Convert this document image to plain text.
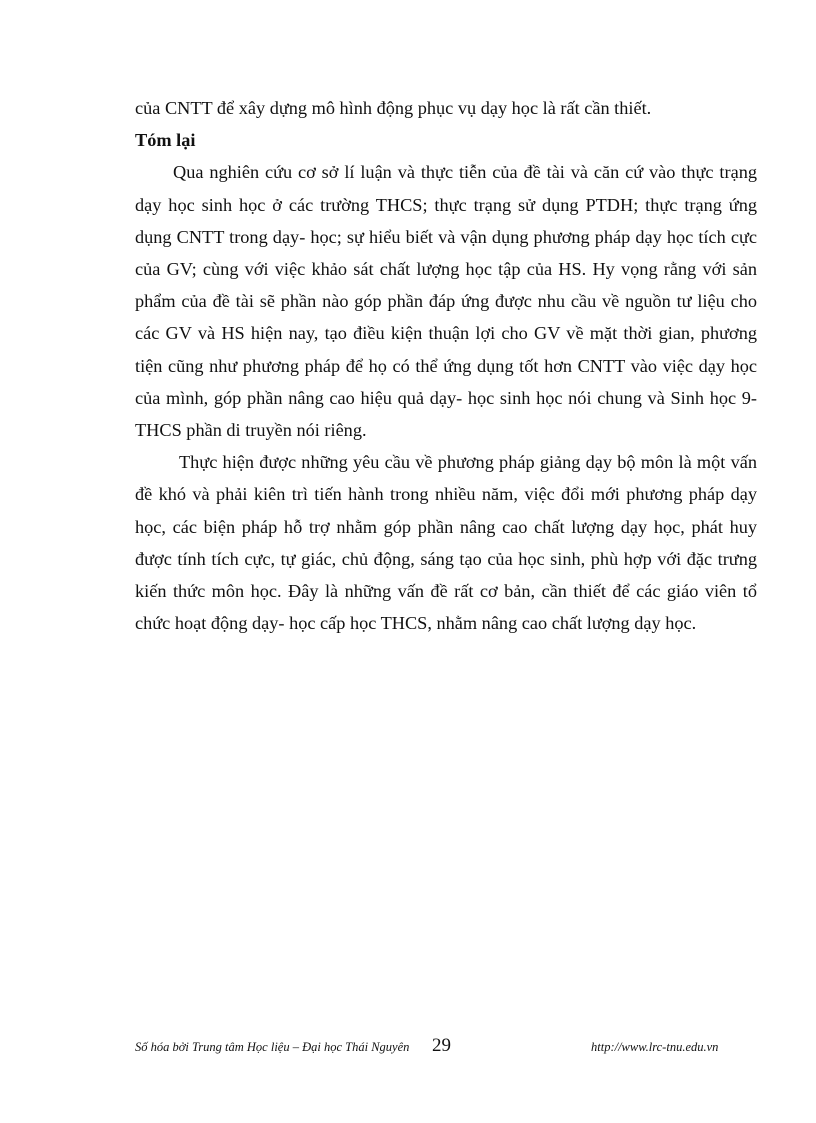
của CNTT để xây dựng mô hình động phục vụ dạy học là rất cần thiết.

Tóm lại

Qua nghiên cứu cơ sở lí luận và thực tiễn của đề tài và căn cứ vào thực trạng dạy học sinh học ở các trường THCS; thực trạng sử dụng PTDH; thực trạng ứng dụng CNTT trong dạy- học; sự hiểu biết và vận dụng phương pháp dạy học tích cực của GV; cùng với việc khảo sát chất lượng học tập của HS. Hy vọng rằng với sản phẩm của đề tài sẽ phần nào góp phần đáp ứng được nhu cầu về nguồn tư liệu cho các GV và HS hiện nay, tạo điều kiện thuận lợi cho GV về mặt thời gian, phương tiện cũng như phương pháp để họ có thể ứng dụng tốt hơn CNTT vào việc dạy học của mình, góp phần nâng cao hiệu quả dạy- học sinh học nói chung và Sinh học 9- THCS phần di truyền nói riêng.

Thực hiện được những yêu cầu về phương pháp giảng dạy bộ môn là một vấn đề khó và phải kiên trì tiến hành trong nhiều năm, việc đổi mới phương pháp dạy học, các biện pháp hỗ trợ nhằm góp phần nâng cao chất lượng dạy học, phát huy được tính tích cực, tự giác, chủ động, sáng tạo của học sinh, phù hợp với đặc trưng kiến thức môn học. Đây là những vấn đề rất cơ bản, cần thiết để các giáo viên tổ chức hoạt động dạy- học cấp học THCS, nhằm nâng cao chất lượng dạy học.

Số hóa bởi Trung tâm Học liệu – Đại học Thái Nguyên 29	http://www.lrc-tnu.edu.vn
